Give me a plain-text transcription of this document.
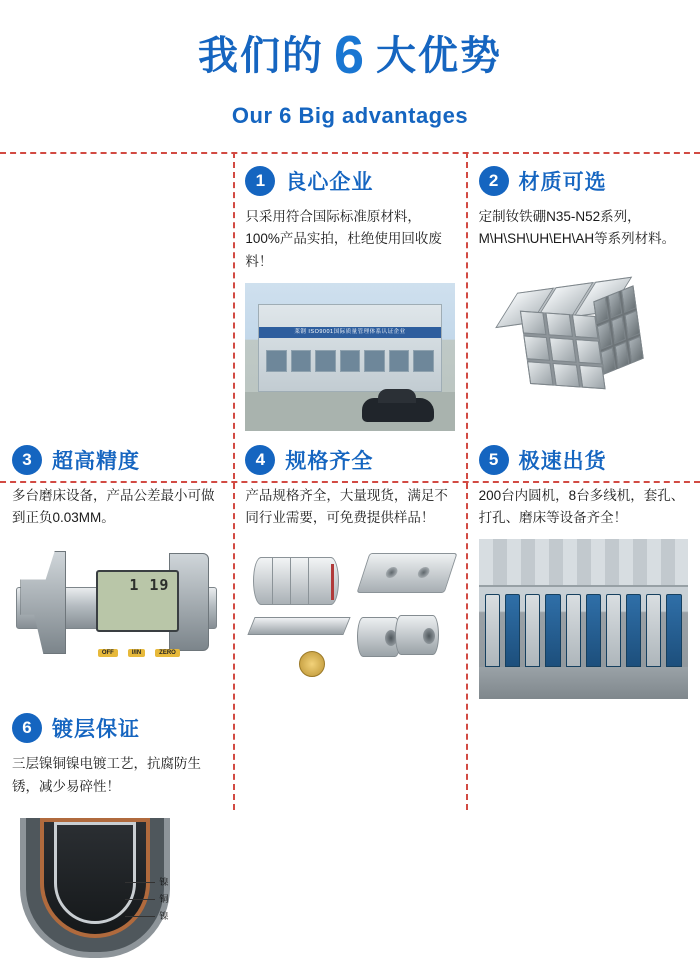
我们的 6 大优势
Our 6 Big advantages
1 良心企业

只采用符合国际标准原材料，100%产品实拍，杜绝使用回收废料！

莱钢 ISO9001国际质量管理体系认证企业
2 材质可选

定制钕铁硼N35-N52系列，M\H\SH\UH\EH\AH等系列材料。

3 超高精度

多台磨床设备，产品公差最小可做到正负0.03MM。

1 19
OFF	I/IN	ZERO
4 规格齐全

产品规格齐全，大量现货，满足不同行业需要，可免费提供样品！

5 极速出货

200台内圆机，8台多线机，套孔、打孔、磨床等设备齐全！

6 镀层保证

三层镍铜镍电镀工艺，抗腐防生锈，减少易碎性！

镍
铜
镍
